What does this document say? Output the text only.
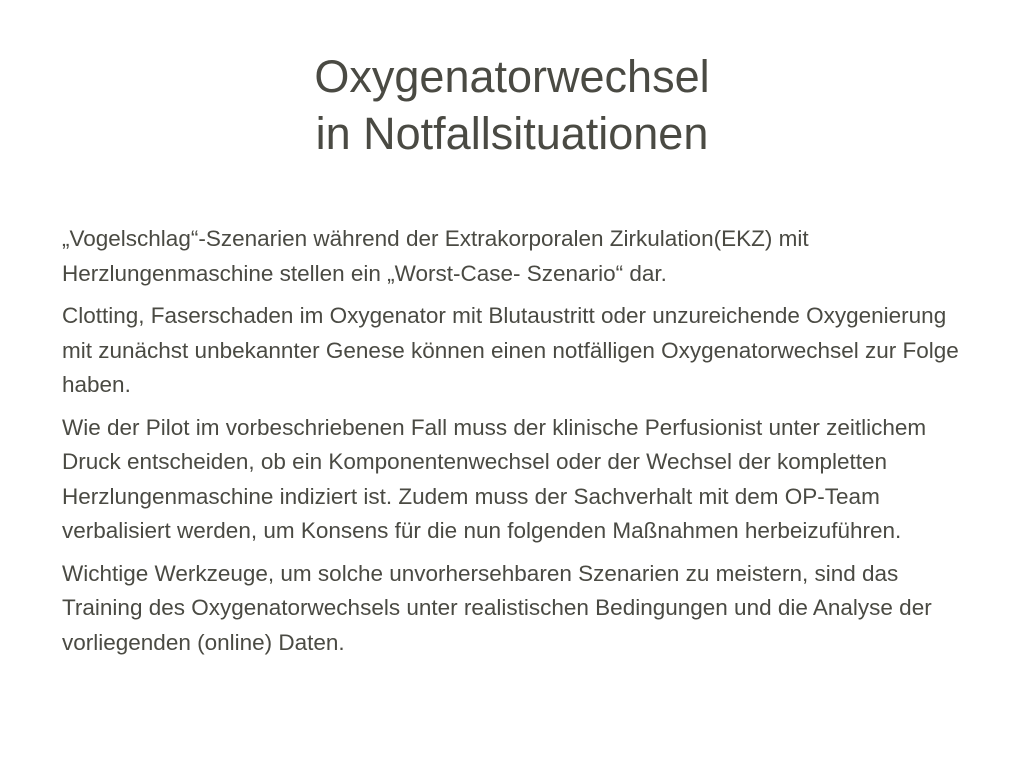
Oxygenatorwechsel
in Notfallsituationen

„Vogelschlag“-Szenarien während der Extrakorporalen Zirkulation(EKZ) mit Herzlungenmaschine stellen ein „Worst-Case- Szenario“ dar.

Clotting, Faserschaden im Oxygenator mit Blutaustritt oder unzureichende Oxygenierung mit zunächst unbekannter Genese können einen notfälligen Oxygenatorwechsel zur Folge haben.

Wie der Pilot im vorbeschriebenen Fall muss der klinische Perfusionist unter zeitlichem Druck entscheiden, ob ein Komponentenwechsel oder der Wechsel der kompletten Herzlungenmaschine indiziert ist. Zudem muss der Sachverhalt mit dem OP-Team verbalisiert werden, um Konsens für die nun folgenden Maßnahmen herbeizuführen.

Wichtige Werkzeuge, um solche unvorhersehbaren Szenarien zu meistern, sind das Training des Oxygenatorwechsels unter realistischen Bedingungen und die Analyse der vorliegenden (online) Daten.
